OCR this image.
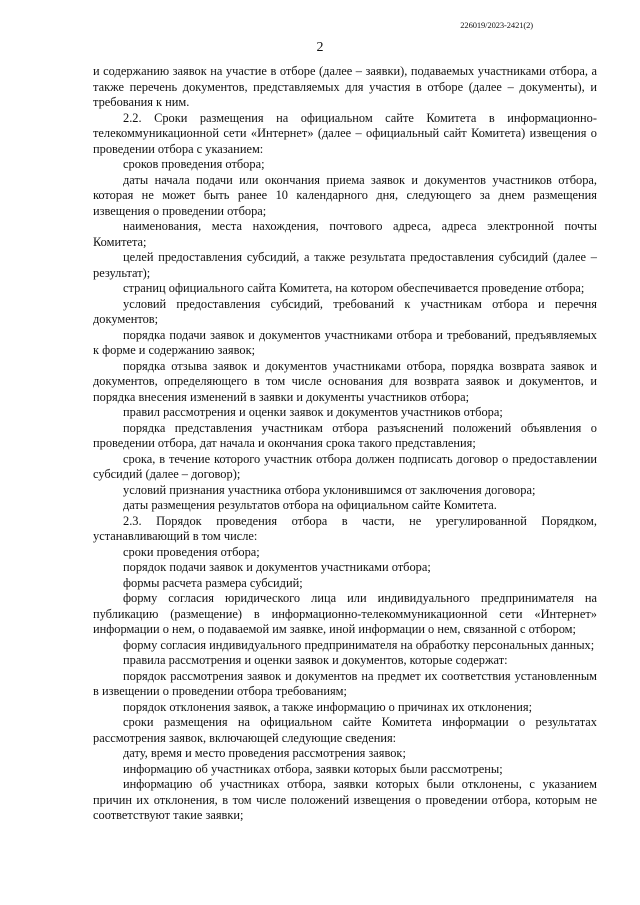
226019/2023-2421(2)
2

и содержанию заявок на участие в отборе (далее – заявки), подаваемых участниками отбора, а также перечень документов, представляемых для участия в отборе (далее – документы), и требования к ним.

2.2. Сроки размещения на официальном сайте Комитета в информационно-телекоммуникационной сети «Интернет» (далее – официальный сайт Комитета) извещения о проведении отбора с указанием:

сроков проведения отбора;

даты начала подачи или окончания приема заявок и документов участников отбора, которая не может быть ранее 10 календарного дня, следующего за днем размещения извещения о проведении отбора;

наименования, места нахождения, почтового адреса, адреса электронной почты Комитета;

целей предоставления субсидий, а также результата предоставления субсидий (далее – результат);

страниц официального сайта Комитета, на котором обеспечивается проведение отбора;

условий предоставления субсидий, требований к участникам отбора и перечня документов;

порядка подачи заявок и документов участниками отбора и требований, предъявляемых к форме и содержанию заявок;

порядка отзыва заявок и документов участниками отбора, порядка возврата заявок и документов, определяющего в том числе основания для возврата заявок и документов, и порядка внесения изменений в заявки и документы участников отбора;

правил рассмотрения и оценки заявок и документов участников отбора;

порядка представления участникам отбора разъяснений положений объявления о проведении отбора, дат начала и окончания срока такого представления;

срока, в течение которого участник отбора должен подписать договор о предоставлении субсидий (далее – договор);

условий признания участника отбора уклонившимся от заключения договора;

даты размещения результатов отбора на официальном сайте Комитета.

2.3. Порядок проведения отбора в части, не урегулированной Порядком, устанавливающий в том числе:

сроки проведения отбора;

порядок подачи заявок и документов участниками отбора;

формы расчета размера субсидий;

форму согласия юридического лица или индивидуального предпринимателя на публикацию (размещение) в информационно-телекоммуникационной сети «Интернет» информации о нем, о подаваемой им заявке, иной информации о нем, связанной с отбором;

форму согласия индивидуального предпринимателя на обработку персональных данных;

правила рассмотрения и оценки заявок и документов, которые содержат:

порядок рассмотрения заявок и документов на предмет их соответствия установленным в извещении о проведении отбора требованиям;

порядок отклонения заявок, а также информацию о причинах их отклонения;

сроки размещения на официальном сайте Комитета информации о результатах рассмотрения заявок, включающей следующие сведения:

дату, время и место проведения рассмотрения заявок;

информацию об участниках отбора, заявки которых были рассмотрены;

информацию об участниках отбора, заявки которых были отклонены, с указанием причин их отклонения, в том числе положений извещения о проведении отбора, которым не соответствуют такие заявки;
